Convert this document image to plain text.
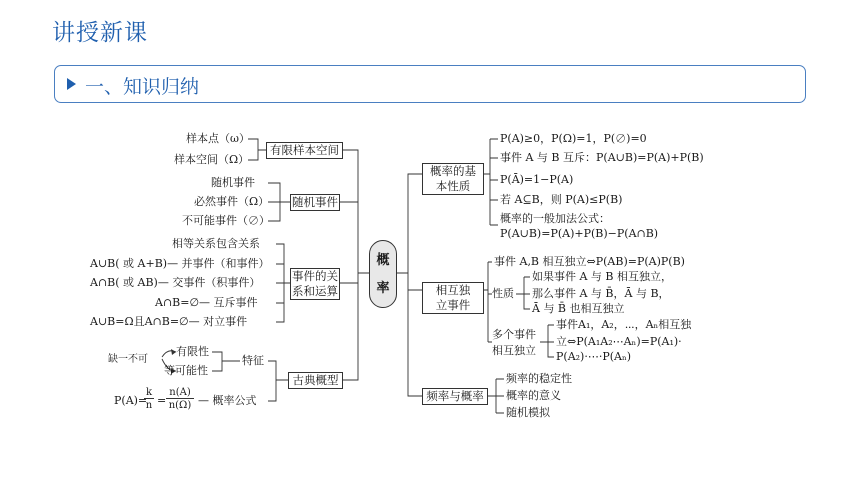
讲授新课
一、知识归纳
样本点（ω）
样本空间（Ω）
有限样本空间
随机事件
必然事件（Ω）
不可能事件（∅）
随机事件
相等关系包含关系
A∪B( 或 A+B)— 并事件（和事件）
A∩B( 或 AB)— 交事件（积事件）
A∩B=∅— 互斥事件
A∪B=Ω且A∩B=∅— 对立事件
事件的关
系和运算
缺一不可
有限性
等可能性
特征
P(A)=
k
n =
n(A)
n(Ω) — 概率公式
古典概型
概
率
概率的基
本性质
P(A)≥0，P(Ω)=1，P(∅)=0
事件 A 与 B 互斥：P(A∪B)=P(A)+P(B)
P(Ā)=1−P(A)
若 A⊆B，则 P(A)≤P(B)
概率的一般加法公式：
P(A∪B)=P(A)+P(B)−P(A∩B)
相互独
立事件
事件 A,B 相互独立⇔P(AB)=P(A)P(B)
性质
如果事件 A 与 B 相互独立，
那么事件 A 与 B̄，Ā 与 B，
Ā 与 B̄ 也相互独立
多个事件
相互独立
事件A₁，A₂，⋯，Aₙ相互独
立⇔P(A₁A₂⋯Aₙ)=P(A₁)·
P(A₂)·⋯·P(Aₙ)
频率与概率
频率的稳定性
概率的意义
随机模拟
